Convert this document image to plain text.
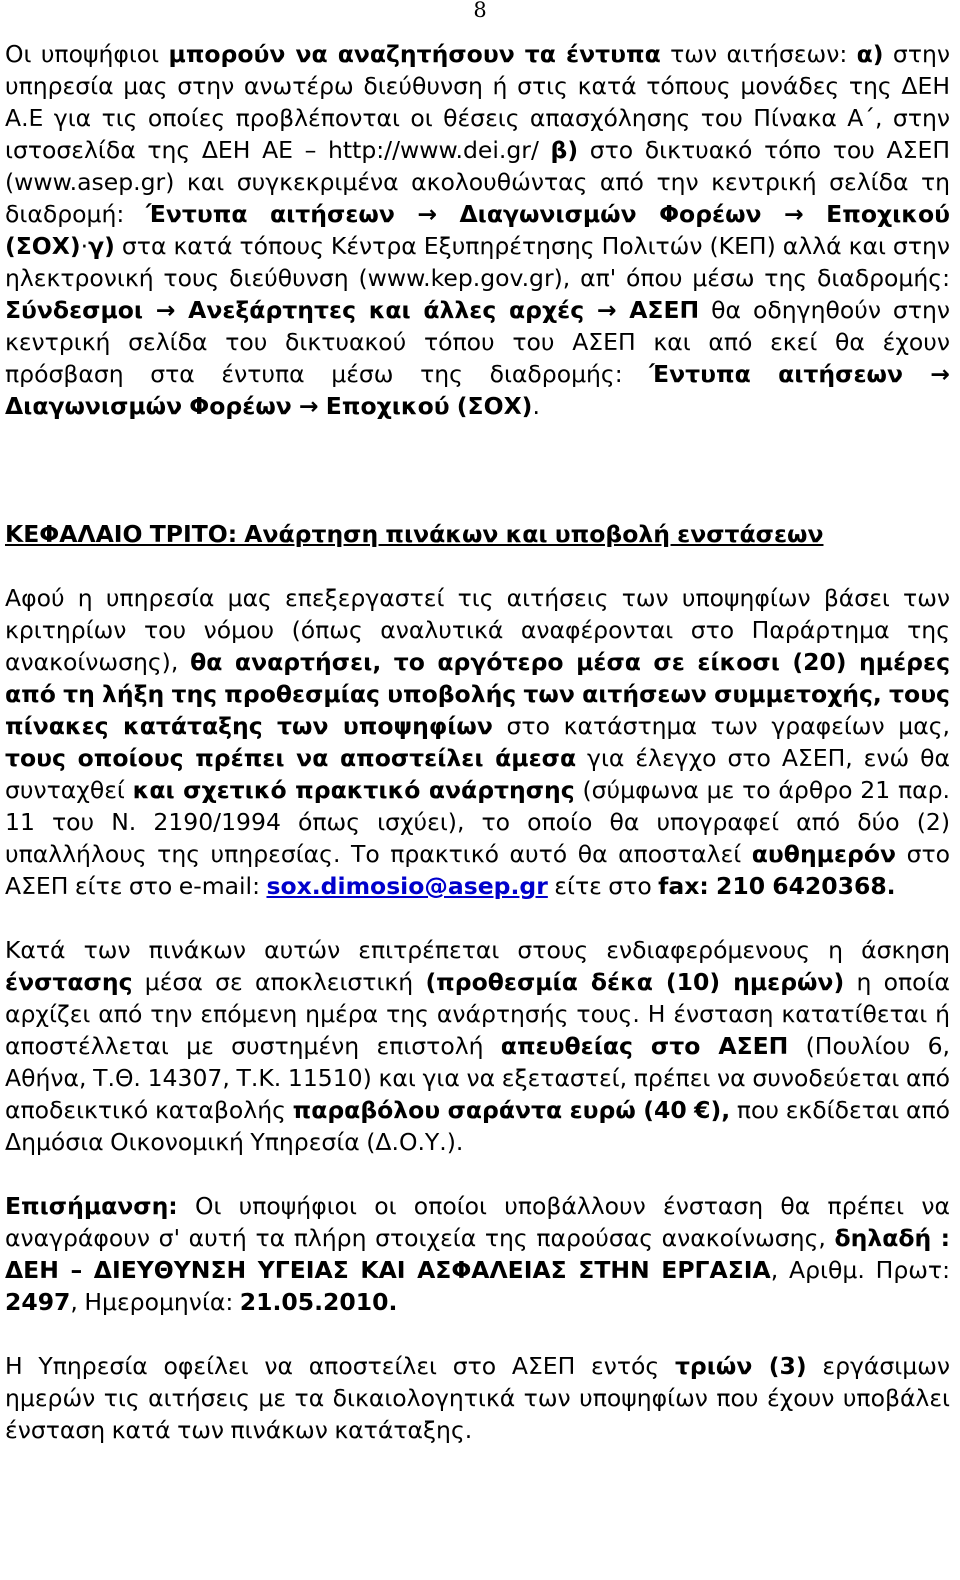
8

Οι υποψήφιοι μπορούν να αναζητήσουν τα έντυπα των αιτήσεων: α) στην υπηρεσία μας στην ανωτέρω διεύθυνση ή στις κατά τόπους μονάδες της ΔΕΗ Α.Ε για τις οποίες προβλέπονται οι θέσεις απασχόλησης του Πίνακα Α΄, στην ιστοσελίδα της ΔΕΗ ΑΕ – http://www.dei.gr/ β) στο δικτυακό τόπο του ΑΣΕΠ (www.asep.gr) και συγκεκριμένα ακολουθώντας από την κεντρική σελίδα τη διαδρομή: Έντυπα αιτήσεων → Διαγωνισμών Φορέων → Εποχικού (ΣΟΧ)·γ) στα κατά τόπους Κέντρα Εξυπηρέτησης Πολιτών (ΚΕΠ) αλλά και στην ηλεκτρονική τους διεύθυνση (www.kep.gov.gr), απ' όπου μέσω της διαδρομής: Σύνδεσμοι → Ανεξάρτητες και άλλες αρχές → ΑΣΕΠ θα οδηγηθούν στην κεντρική σελίδα του δικτυακού τόπου του ΑΣΕΠ και από εκεί θα έχουν πρόσβαση στα έντυπα μέσω της διαδρομής: Έντυπα αιτήσεων → Διαγωνισμών Φορέων → Εποχικού (ΣΟΧ).

ΚΕΦΑΛΑΙΟ ΤΡΙΤΟ: Ανάρτηση πινάκων και υποβολή ενστάσεων

Αφού η υπηρεσία μας επεξεργαστεί τις αιτήσεις των υποψηφίων βάσει των κριτηρίων του νόμου (όπως αναλυτικά αναφέρονται στο Παράρτημα της ανακοίνωσης), θα αναρτήσει, το αργότερο μέσα σε είκοσι (20) ημέρες από τη λήξη της προθεσμίας υποβολής των αιτήσεων συμμετοχής, τους πίνακες κατάταξης των υποψηφίων στο κατάστημα των γραφείων μας, τους οποίους πρέπει να αποστείλει άμεσα για έλεγχο στο ΑΣΕΠ, ενώ θα συνταχθεί και σχετικό πρακτικό ανάρτησης (σύμφωνα με το άρθρο 21 παρ. 11 του Ν. 2190/1994 όπως ισχύει), το οποίο θα υπογραφεί από δύο (2) υπαλλήλους της υπηρεσίας. Το πρακτικό αυτό θα αποσταλεί αυθημερόν στο ΑΣΕΠ είτε στο e-mail: sox.dimosio@asep.gr είτε στο fax: 210 6420368.

Κατά των πινάκων αυτών επιτρέπεται στους ενδιαφερόμενους η άσκηση ένστασης μέσα σε αποκλειστική (προθεσμία δέκα (10) ημερών) η οποία αρχίζει από την επόμενη ημέρα της ανάρτησής τους. Η ένσταση κατατίθεται ή αποστέλλεται με συστημένη επιστολή απευθείας στο ΑΣΕΠ (Πουλίου 6, Αθήνα, Τ.Θ. 14307, Τ.Κ. 11510) και για να εξεταστεί, πρέπει να συνοδεύεται από αποδεικτικό καταβολής παραβόλου σαράντα ευρώ (40 €), που εκδίδεται από Δημόσια Οικονομική Υπηρεσία (Δ.Ο.Υ.).

Επισήμανση: Οι υποψήφιοι οι οποίοι υποβάλλουν ένσταση θα πρέπει να αναγράφουν σ' αυτή τα πλήρη στοιχεία της παρούσας ανακοίνωσης, δηλαδή : ΔΕΗ – ΔΙΕΥΘΥΝΣΗ ΥΓΕΙΑΣ ΚΑΙ ΑΣΦΑΛΕΙΑΣ ΣΤΗΝ ΕΡΓΑΣΙΑ, Αριθμ. Πρωτ: 2497, Ημερομηνία: 21.05.2010.

Η Υπηρεσία οφείλει να αποστείλει στο ΑΣΕΠ εντός τριών (3) εργάσιμων ημερών τις αιτήσεις με τα δικαιολογητικά των υποψηφίων που έχουν υποβάλει ένσταση κατά των πινάκων κατάταξης.
